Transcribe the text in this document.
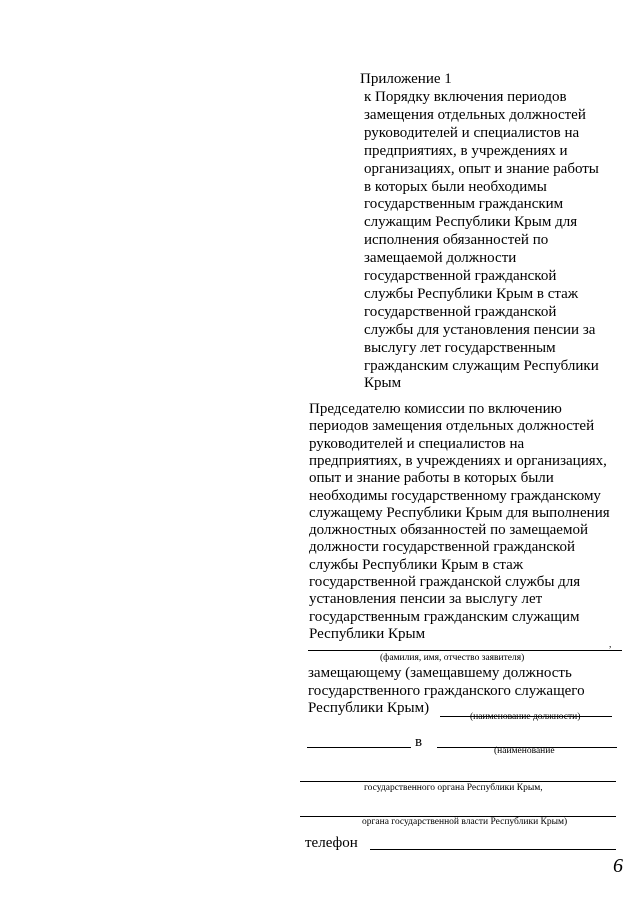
Приложение 1
к Порядку включения периодов
замещения отдельных должностей
руководителей и специалистов на
предприятиях, в учреждениях и
организациях, опыт и знание работы
в которых были необходимы
государственным гражданским
служащим Республики Крым для
исполнения обязанностей по
замещаемой должности
государственной гражданской
службы Республики Крым в стаж
государственной гражданской
службы для установления пенсии за
выслугу лет государственным
гражданским служащим Республики
Крым
Председателю комиссии по включению
периодов замещения отдельных должностей
руководителей и специалистов на
предприятиях, в учреждениях и организациях,
опыт и знание работы в которых были
необходимы государственному гражданскому
служащему Республики Крым для выполнения
должностных обязанностей по замещаемой
должности государственной гражданской
службы Республики Крым в стаж
государственной гражданской службы для
установления пенсии за выслугу лет
государственным гражданским служащим
Республики Крым
,
(фамилия, имя, отчество заявителя)
замещающему (замещавшему должность
государственного гражданского служащего
Республики Крым)
(наименование должности)
в
(наименование
государственного органа Республики Крым,
органа государственной власти Республики Крым)
телефон
6
